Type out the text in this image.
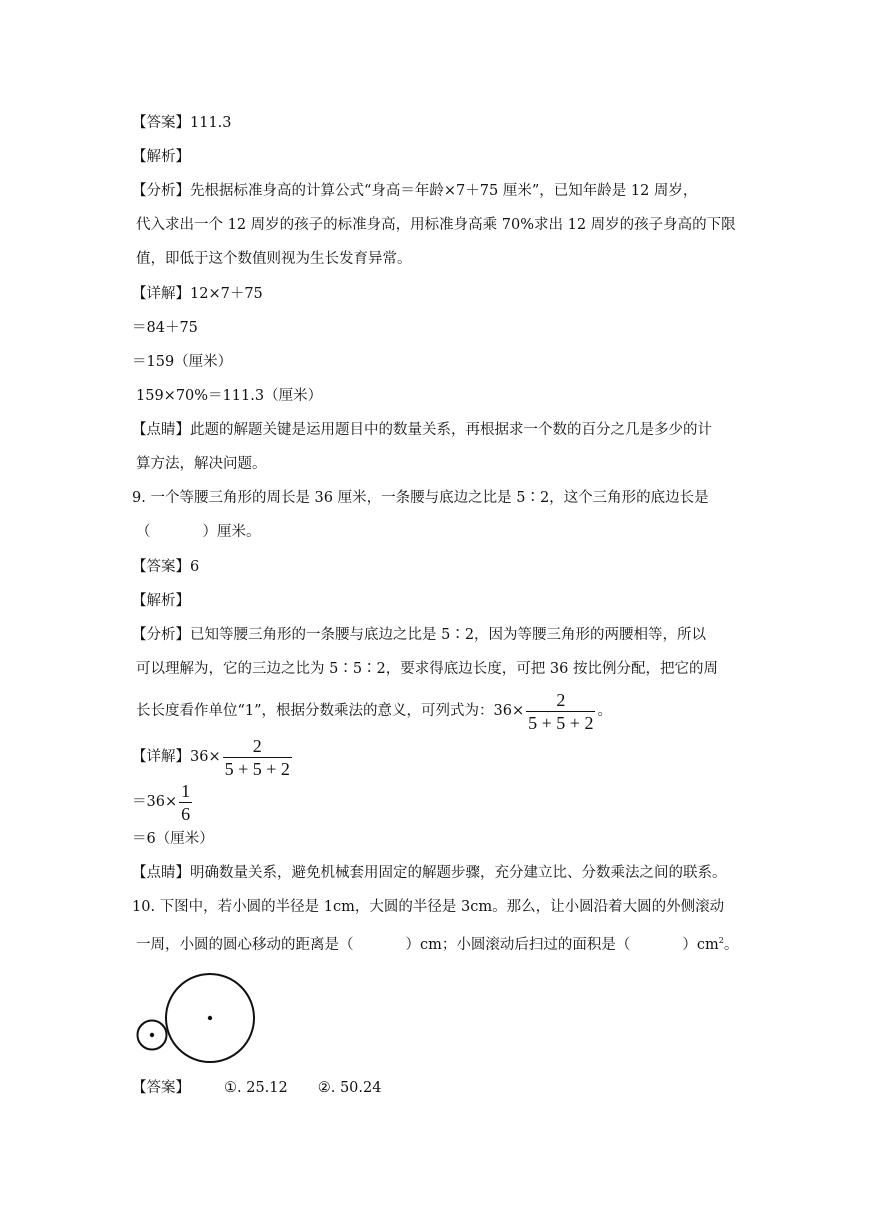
【答案】111.3
【解析】
【分析】先根据标准身高的计算公式“身高＝年龄×7＋75 厘米”，已知年龄是 12 周岁，
代入求出一个 12 周岁的孩子的标准身高，用标准身高乘 70%求出 12 周岁的孩子身高的下限
值，即低于这个数值则视为生长发育异常。
【详解】12×7＋75
＝84＋75
＝159（厘米）
159×70%＝111.3（厘米）
【点睛】此题的解题关键是运用题目中的数量关系，再根据求一个数的百分之几是多少的计
算方法，解决问题。
9. 一个等腰三角形的周长是 36 厘米，一条腰与底边之比是 5∶2，这个三角形的底边长是
（	）厘米。
【答案】6
【解析】
【分析】已知等腰三角形的一条腰与底边之比是 5∶2，因为等腰三角形的两腰相等，所以
可以理解为，它的三边之比为 5∶5∶2，要求得底边长度，可把 36 按比例分配，把它的周
长长度看作单位“1”，根据分数乘法的意义，可列式为：$36\times \frac{2}{5 + 5 + 2}$ 。
【详解】$36\times \frac{2}{5 + 5 + 2}$
$=36\times \frac{1}{6}$
＝6（厘米）
【点睛】明确数量关系，避免机械套用固定的解题步骤，充分建立比、分数乘法之间的联系。
10. 下图中，若小圆的半径是 1cm，大圆的半径是 3cm。那么，让小圆沿着大圆的外侧滚动
一周，小圆的圆心移动的距离是（	）cm；小圆滚动后扫过的面积是（	）$cm^2$。
【答案】 ①. 25.12 ②. 50.24
